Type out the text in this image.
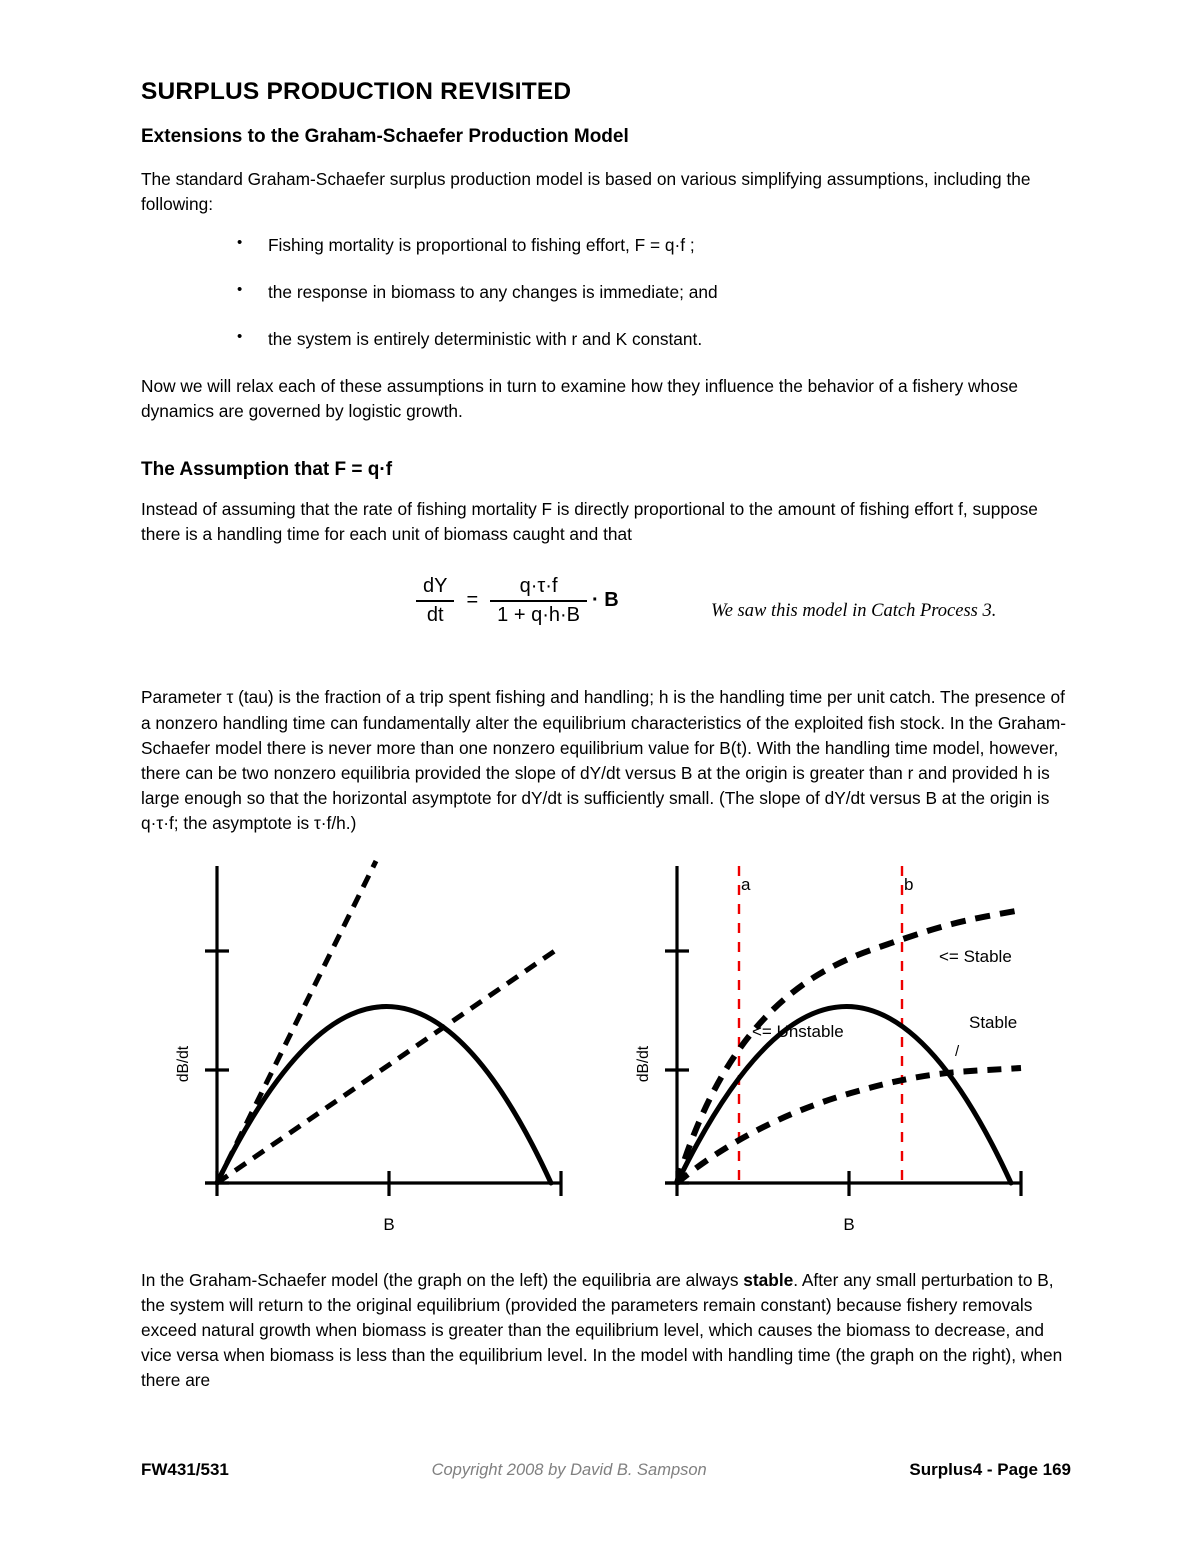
SURPLUS PRODUCTION REVISITED
Extensions to the Graham-Schaefer Production Model

The standard Graham-Schaefer surplus production model is based on various simplifying assumptions, including the following:

• Fishing mortality is proportional to fishing effort, F = q·f ;
• the response in biomass to any changes is immediate; and
• the system is entirely deterministic with r and K constant.

Now we will relax each of these assumptions in turn to examine how they influence the behavior of a fishery whose dynamics are governed by logistic growth.

The Assumption that F = q·f

Instead of assuming that the rate of fishing mortality F is directly proportional to the amount of fishing effort f, suppose there is a handling time for each unit of biomass caught and that

$\frac{dY}{dt} = \frac{q\cdot\tau\cdot f}{1 + q\cdot h\cdot B} \cdot B$
We saw this model in Catch Process 3.

Parameter τ (tau) is the fraction of a trip spent fishing and handling; h is the handling time per unit catch. The presence of a nonzero handling time can fundamentally alter the equilibrium characteristics of the exploited fish stock. In the Graham-Schaefer model there is never more than one nonzero equilibrium value for B(t). With the handling time model, however, there can be two nonzero equilibria provided the slope of dY/dt versus B at the origin is greater than r and provided h is large enough so that the horizontal asymptote for dY/dt is sufficiently small. (The slope of dY/dt versus B at the origin is q·τ·f; the asymptote is τ·f/h.)

dB/dt
B
a	b
<= Stable
<= Unstable	Stable
/
dB/dt
B

In the Graham-Schaefer model (the graph on the left) the equilibria are always stable. After any small perturbation to B, the system will return to the original equilibrium (provided the parameters remain constant) because fishery removals exceed natural growth when biomass is greater than the equilibrium level, which causes the biomass to decrease, and vice versa when biomass is less than the equilibrium level. In the model with handling time (the graph on the right), when there are

FW431/531	Copyright 2008 by David B. Sampson	Surplus4 - Page 169
